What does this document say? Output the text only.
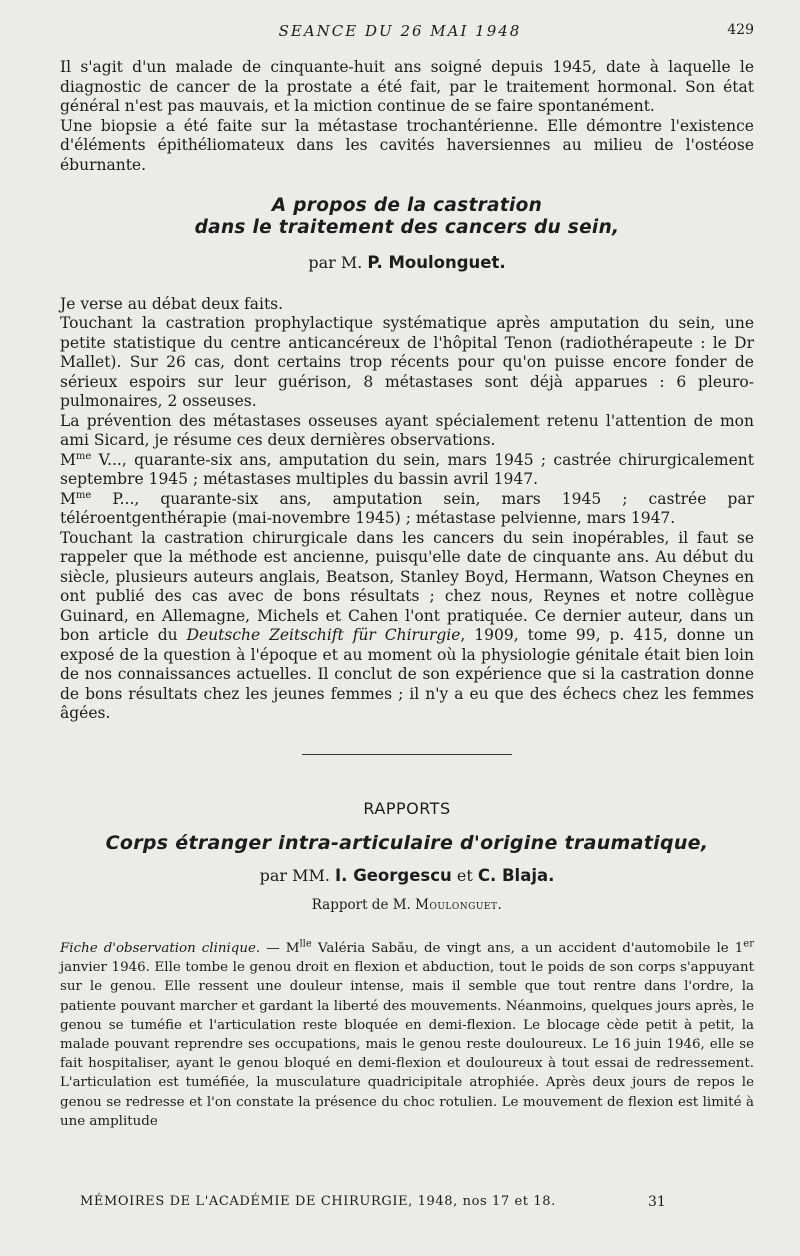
SEANCE DU 26 MAI 1948	429

Il s'agit d'un malade de cinquante-huit ans soigné depuis 1945, date à laquelle le diagnostic de cancer de la prostate a été fait, par le traitement hormonal. Son état général n'est pas mauvais, et la miction continue de se faire spontanément.

Une biopsie a été faite sur la métastase trochantérienne. Elle démontre l'existence d'éléments épithéliomateux dans les cavités haversiennes au milieu de l'ostéose éburnante.

A propos de la castration
dans le traitement des cancers du sein,
par M. P. Moulonguet.

Je verse au débat deux faits.

Touchant la castration prophylactique systématique après amputation du sein, une petite statistique du centre anticancéreux de l'hôpital Tenon (radiothérapeute : le Dr Mallet). Sur 26 cas, dont certains trop récents pour qu'on puisse encore fonder de sérieux espoirs sur leur guérison, 8 métastases sont déjà apparues : 6 pleuro-pulmonaires, 2 osseuses.

La prévention des métastases osseuses ayant spécialement retenu l'attention de mon ami Sicard, je résume ces deux dernières observations.

$M^{me}$ V..., quarante-six ans, amputation du sein, mars 1945 ; castrée chirurgicalement septembre 1945 ; métastases multiples du bassin avril 1947.

$M^{me}$ P..., quarante-six ans, amputation sein, mars 1945 ; castrée par téléroentgenthérapie (mai-novembre 1945) ; métastase pelvienne, mars 1947.

Touchant la castration chirurgicale dans les cancers du sein inopérables, il faut se rappeler que la méthode est ancienne, puisqu'elle date de cinquante ans. Au début du siècle, plusieurs auteurs anglais, Beatson, Stanley Boyd, Hermann, Watson Cheynes en ont publié des cas avec de bons résultats ; chez nous, Reynes et notre collègue Guinard, en Allemagne, Michels et Cahen l'ont pratiquée. Ce dernier auteur, dans un bon article du Deutsche Zeitschift für Chirurgie, 1909, tome 99, p. 415, donne un exposé de la question à l'époque et au moment où la physiologie génitale était bien loin de nos connaissances actuelles. Il conclut de son expérience que si la castration donne de bons résultats chez les jeunes femmes ; il n'y a eu que des échecs chez les femmes âgées.

RAPPORTS
Corps étranger intra-articulaire d'origine traumatique,
par MM. I. Georgescu et C. Blaja.
Rapport de M. Moulonguet.

Fiche d'observation clinique. — $M^{lle}$ Valéria Sabău, de vingt ans, a un accident d'automobile le 1er janvier 1946. Elle tombe le genou droit en flexion et abduction, tout le poids de son corps s'appuyant sur le genou. Elle ressent une douleur intense, mais il semble que tout rentre dans l'ordre, la patiente pouvant marcher et gardant la liberté des mouvements. Néanmoins, quelques jours après, le genou se tuméfie et l'articulation reste bloquée en demi-flexion. Le blocage cède petit à petit, la malade pouvant reprendre ses occupations, mais le genou reste douloureux. Le 16 juin 1946, elle se fait hospitaliser, ayant le genou bloqué en demi-flexion et douloureux à tout essai de redressement. L'articulation est tuméfiée, la musculature quadricipitale atrophiée. Après deux jours de repos le genou se redresse et l'on constate la présence du choc rotulien. Le mouvement de flexion est limité à une amplitude

MÉMOIRES DE L'ACADÉMIE DE CHIRURGIE, 1948, nos 17 et 18.	31
